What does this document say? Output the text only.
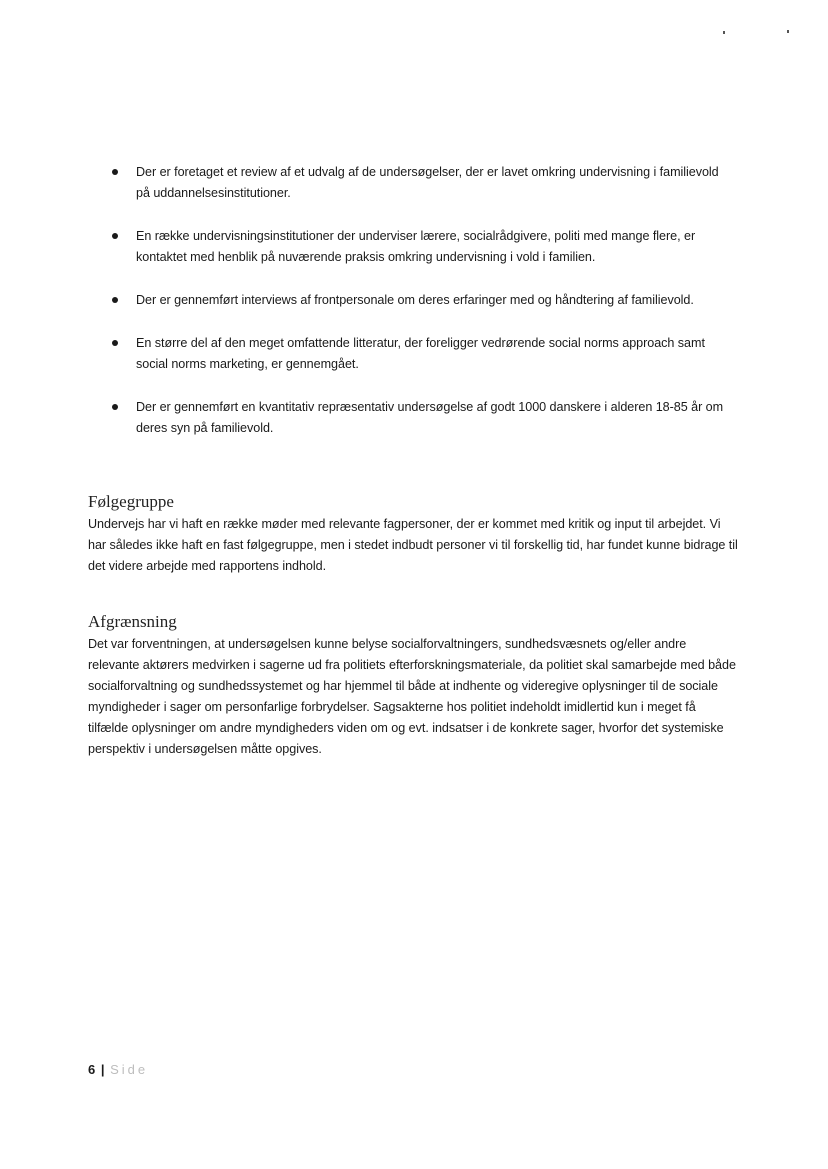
Der er foretaget et review af et udvalg af de undersøgelser, der er lavet omkring undervisning i familievold på uddannelsesinstitutioner.
En række undervisningsinstitutioner der underviser lærere, socialrådgivere, politi med mange flere, er kontaktet med henblik på nuværende praksis omkring undervisning i vold i familien.
Der er gennemført interviews af frontpersonale om deres erfaringer med og håndtering af familievold.
En større del af den meget omfattende litteratur, der foreligger vedrørende social norms approach samt social norms marketing, er gennemgået.
Der er gennemført en kvantitativ repræsentativ undersøgelse af godt 1000 danskere i alderen 18-85 år om deres syn på familievold.
Følgegruppe

Undervejs har vi haft en række møder med relevante fagpersoner, der er kommet med kritik og input til arbejdet. Vi har således ikke haft en fast følgegruppe, men i stedet indbudt personer vi til forskellig tid, har fundet kunne bidrage til det videre arbejde med rapportens indhold.

Afgrænsning

Det var forventningen, at undersøgelsen kunne belyse socialforvaltningers, sundhedsvæsnets og/eller andre relevante aktørers medvirken i sagerne ud fra politiets efterforskningsmateriale, da politiet skal samarbejde med både socialforvaltning og sundhedssystemet og har hjemmel til både at indhente og videregive oplysninger til de sociale myndigheder i sager om personfarlige forbrydelser. Sagsakterne hos politiet indeholdt imidlertid kun i meget få tilfælde oplysninger om andre myndigheders viden om og evt. indsatser i de konkrete sager, hvorfor det systemiske perspektiv i undersøgelsen måtte opgives.

6 | Side
